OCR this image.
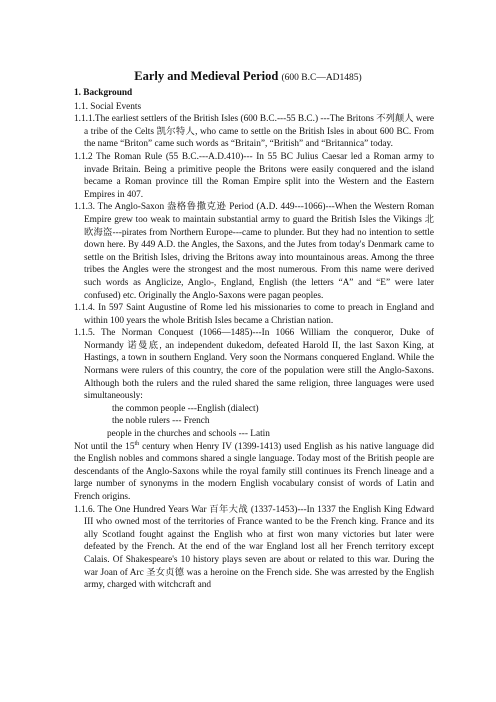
Early and Medieval Period (600 B.C—AD1485)
1. Background
1.1. Social Events
1.1.1.The earliest settlers of the British Isles (600 B.C.---55 B.C.) ---The Britons 不列颠人 were a tribe of the Celts 凯尔特人, who came to settle on the British Isles in about 600 BC. From the name “Briton” came such words as “Britain”, “British” and “Britannica” today.
1.1.2 The Roman Rule (55 B.C.---A.D.410)--- In 55 BC Julius Caesar led a Roman army to invade Britain. Being a primitive people the Britons were easily conquered and the island became a Roman province till the Roman Empire split into the Western and the Eastern Empires in 407.
1.1.3. The Anglo-Saxon 盎格鲁撒克逊 Period (A.D. 449---1066)---When the Western Roman Empire grew too weak to maintain substantial army to guard the British Isles the Vikings 北欧海盗---pirates from Northern Europe---came to plunder. But they had no intention to settle down here. By 449 A.D. the Angles, the Saxons, and the Jutes from today's Denmark came to settle on the British Isles, driving the Britons away into mountainous areas. Among the three tribes the Angles were the strongest and the most numerous. From this name were derived such words as Anglicize, Anglo-, England, English (the letters “A” and “E” were later confused) etc. Originally the Anglo-Saxons were pagan peoples.
1.1.4. In 597 Saint Augustine of Rome led his missionaries to come to preach in England and within 100 years the whole British Isles became a Christian nation.
1.1.5. The Norman Conquest (1066—1485)---In 1066 William the conqueror, Duke of Normandy 诺曼底, an independent dukedom, defeated Harold II, the last Saxon King, at Hastings, a town in southern England. Very soon the Normans conquered England. While the Normans were rulers of this country, the core of the population were still the Anglo-Saxons. Although both the rulers and the ruled shared the same religion, three languages were used simultaneously:
the common people ---English (dialect)
the noble rulers --- French
people in the churches and schools --- Latin
Not until the 15th century when Henry IV (1399-1413) used English as his native language did the English nobles and commons shared a single language. Today most of the British people are descendants of the Anglo-Saxons while the royal family still continues its French lineage and a large number of synonyms in the modern English vocabulary consist of words of Latin and French origins.
1.1.6. The One Hundred Years War 百年大战 (1337-1453)---In 1337 the English King Edward III who owned most of the territories of France wanted to be the French king. France and its ally Scotland fought against the English who at first won many victories but later were defeated by the French. At the end of the war England lost all her French territory except Calais. Of Shakespeare's 10 history plays seven are about or related to this war. During the war Joan of Arc 圣女贞德 was a heroine on the French side. She was arrested by the English army, charged with witchcraft and
